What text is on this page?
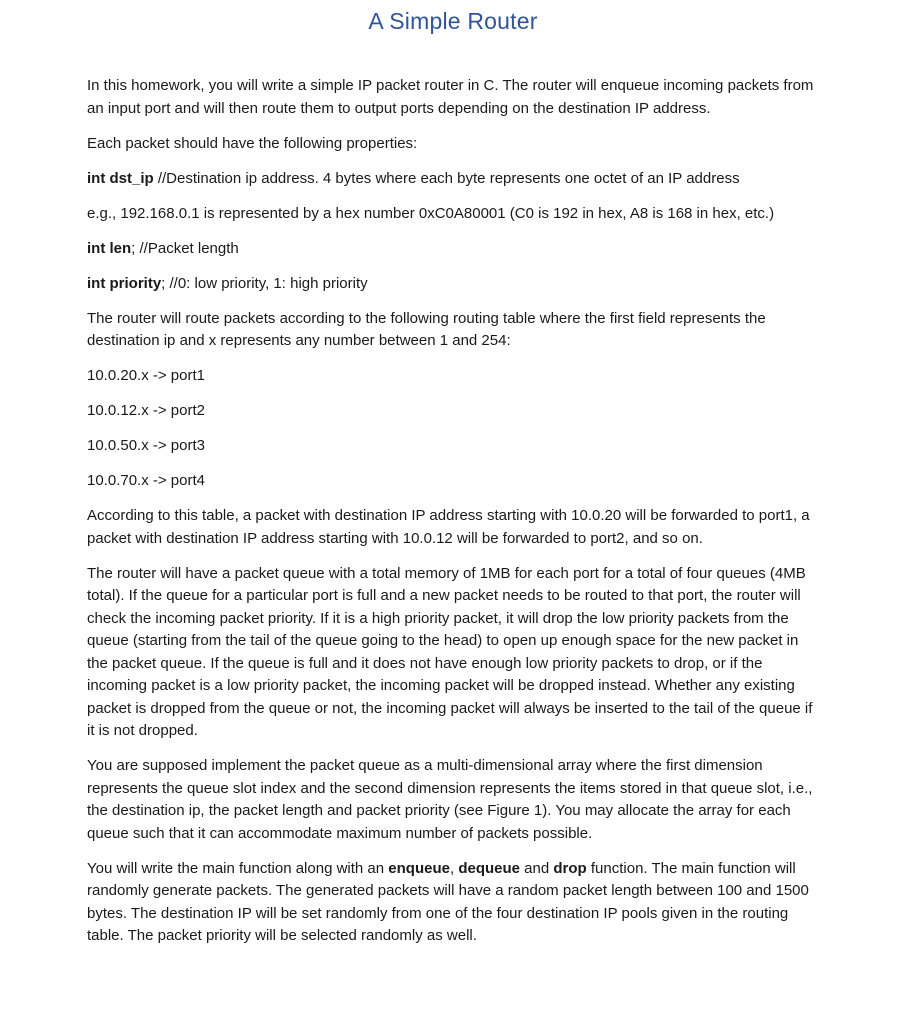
A Simple Router

In this homework, you will write a simple IP packet router in C. The router will enqueue incoming packets from an input port and will then route them to output ports depending on the destination IP address.

Each packet should have the following properties:

int dst_ip //Destination ip address. 4 bytes where each byte represents one octet of an IP address

e.g., 192.168.0.1 is represented by a hex number 0xC0A80001 (C0 is 192 in hex, A8 is 168 in hex, etc.)

int len; //Packet length

int priority; //0: low priority, 1: high priority

The router will route packets according to the following routing table where the first field represents the destination ip and x represents any number between 1 and 254:

10.0.20.x -> port1

10.0.12.x -> port2

10.0.50.x -> port3

10.0.70.x -> port4

According to this table, a packet with destination IP address starting with 10.0.20 will be forwarded to port1, a packet with destination IP address starting with 10.0.12 will be forwarded to port2, and so on.

The router will have a packet queue with a total memory of 1MB for each port for a total of four queues (4MB total). If the queue for a particular port is full and a new packet needs to be routed to that port, the router will check the incoming packet priority. If it is a high priority packet, it will drop the low priority packets from the queue (starting from the tail of the queue going to the head) to open up enough space for the new packet in the packet queue. If the queue is full and it does not have enough low priority packets to drop, or if the incoming packet is a low priority packet, the incoming packet will be dropped instead. Whether any existing packet is dropped from the queue or not, the incoming packet will always be inserted to the tail of the queue if it is not dropped.

You are supposed implement the packet queue as a multi-dimensional array where the first dimension represents the queue slot index and the second dimension represents the items stored in that queue slot, i.e., the destination ip, the packet length and packet priority (see Figure 1). You may allocate the array for each queue such that it can accommodate maximum number of packets possible.

You will write the main function along with an enqueue, dequeue and drop function. The main function will randomly generate packets. The generated packets will have a random packet length between 100 and 1500 bytes. The destination IP will be set randomly from one of the four destination IP pools given in the routing table. The packet priority will be selected randomly as well.
